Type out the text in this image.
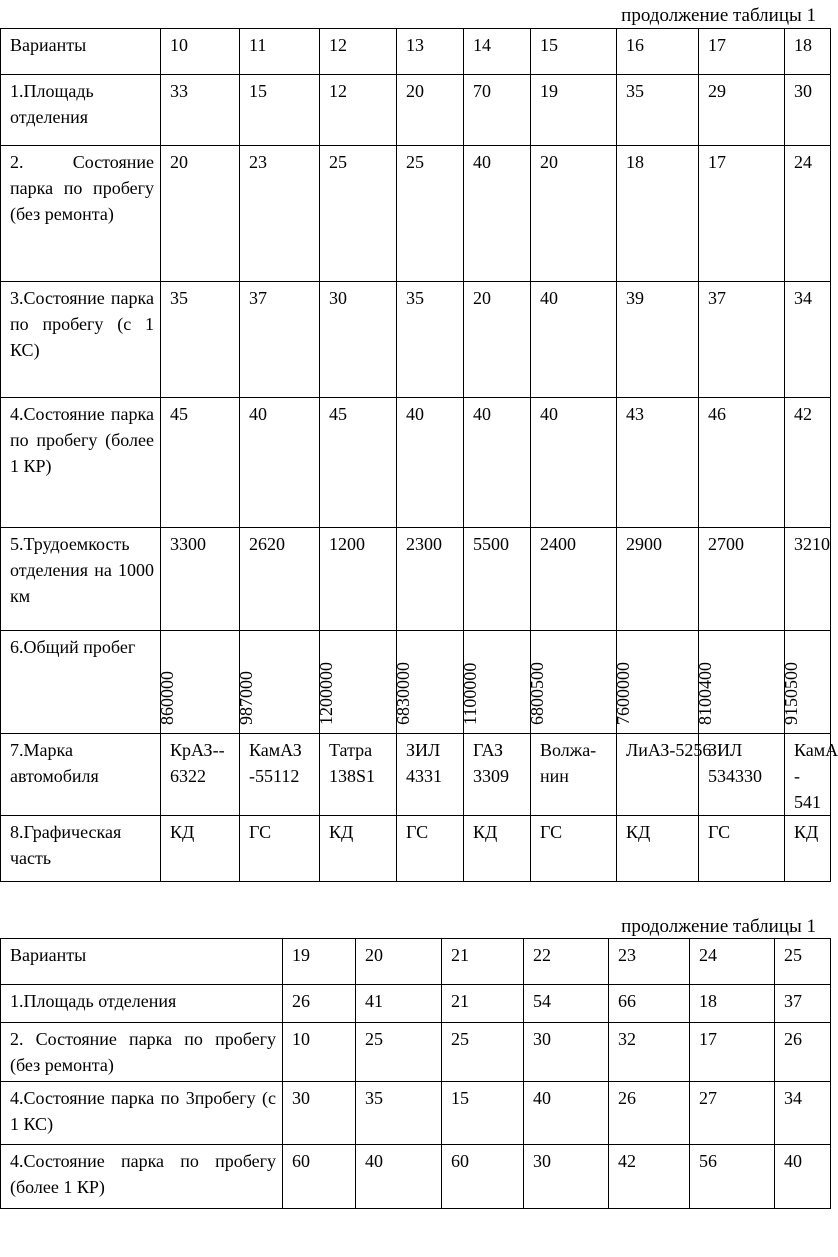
продолжение таблицы 1
Варианты	10	11	12	13	14	15	16	17	18
1.Площадь отделения	33	15	12	20	70	19	35	29	30
2. Состояние парка по пробегу (без ремонта)	20	23	25	25	40	20	18	17	24
3.Состояние парка по пробегу (с 1 КС)	35	37	30	35	20	40	39	37	34
4.Состояние парка по пробегу (более 1 КР)	45	40	45	40	40	40	43	46	42
5.Трудоемкость отделения на 1000 км	3300	2620	1200	2300	5500	2400	2900	2700	3210
6.Общий пробег	860000	987000	1200000	6830000	1100000	6800500	7600000	8100400	9150500

7.Марка автомобиля	КрАЗ-- 6322	КамАЗ -55112	Татра 138S1	ЗИЛ 4331	ГАЗ 3309	Волжа-нин	ЛиАЗ-5256	ЗИЛ 534330	КамА - 541
8.Графическая часть	КД	ГС	КД	ГС	КД	ГС	КД	ГС	КД
продолжение таблицы 1
Варианты	19	20	21	22	23	24	25
1.Площадь отделения	26	41	21	54	66	18	37
2. Состояние парка по пробегу (без ремонта)	10	25	25	30	32	17	26
4.Состояние парка по 3пробегу (с 1 КС)	30	35	15	40	26	27	34
4.Состояние парка по пробегу (более 1 КР)	60	40	60	30	42	56	40
